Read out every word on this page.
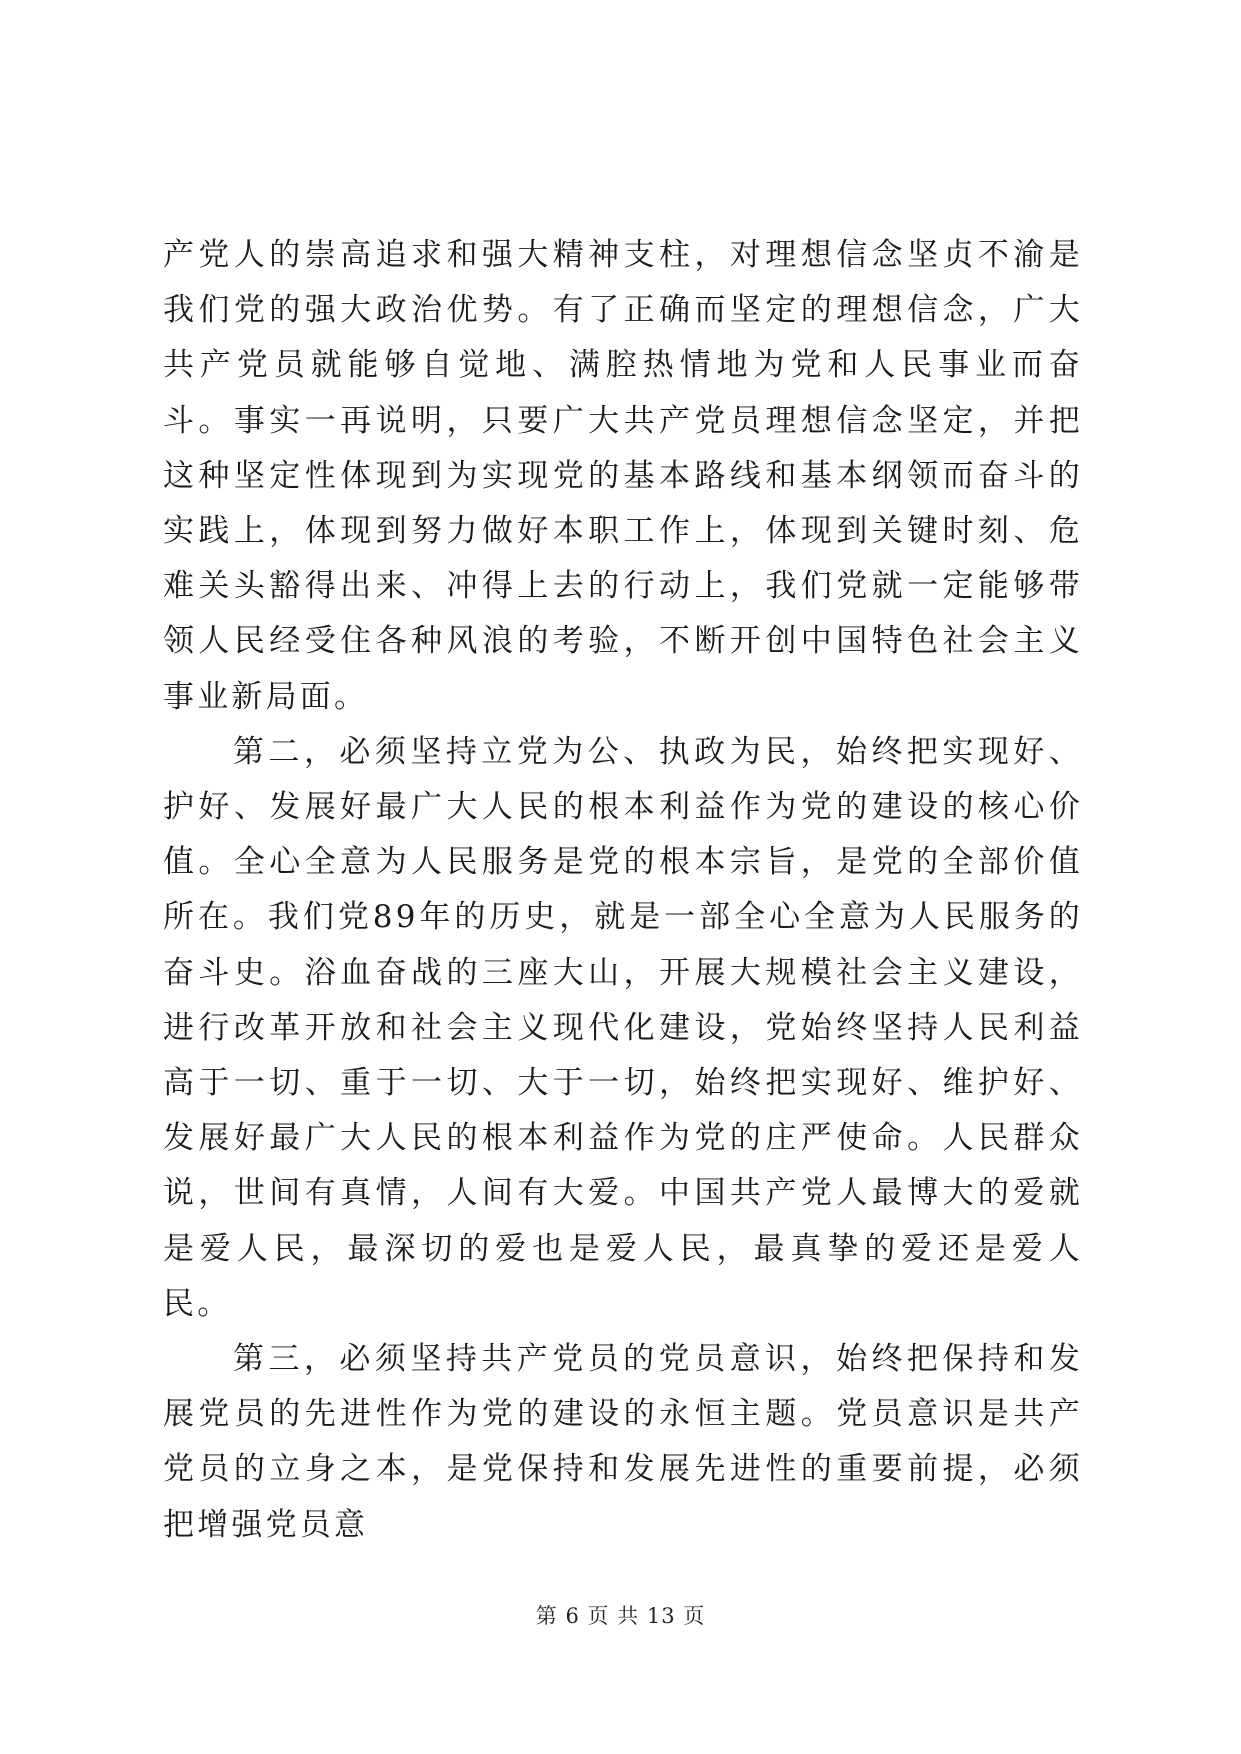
产党人的崇高追求和强大精神支柱，对理想信念坚贞不渝是我们党的强大政治优势。有了正确而坚定的理想信念，广大共产党员就能够自觉地、满腔热情地为党和人民事业而奋斗。事实一再说明，只要广大共产党员理想信念坚定，并把这种坚定性体现到为实现党的基本路线和基本纲领而奋斗的实践上，体现到努力做好本职工作上，体现到关键时刻、危难关头豁得出来、冲得上去的行动上，我们党就一定能够带领人民经受住各种风浪的考验，不断开创中国特色社会主义事业新局面。

第二，必须坚持立党为公、执政为民，始终把实现好、护好、发展好最广大人民的根本利益作为党的建设的核心价值。全心全意为人民服务是党的根本宗旨，是党的全部价值所在。我们党89年的历史，就是一部全心全意为人民服务的奋斗史。浴血奋战的三座大山，开展大规模社会主义建设，进行改革开放和社会主义现代化建设，党始终坚持人民利益高于一切、重于一切、大于一切，始终把实现好、维护好、发展好最广大人民的根本利益作为党的庄严使命。人民群众说，世间有真情，人间有大爱。中国共产党人最博大的爱就是爱人民，最深切的爱也是爱人民，最真挚的爱还是爱人民。

第三，必须坚持共产党员的党员意识，始终把保持和发展党员的先进性作为党的建设的永恒主题。党员意识是共产党员的立身之本，是党保持和发展先进性的重要前提，必须把增强党员意

第 6 页 共 13 页
